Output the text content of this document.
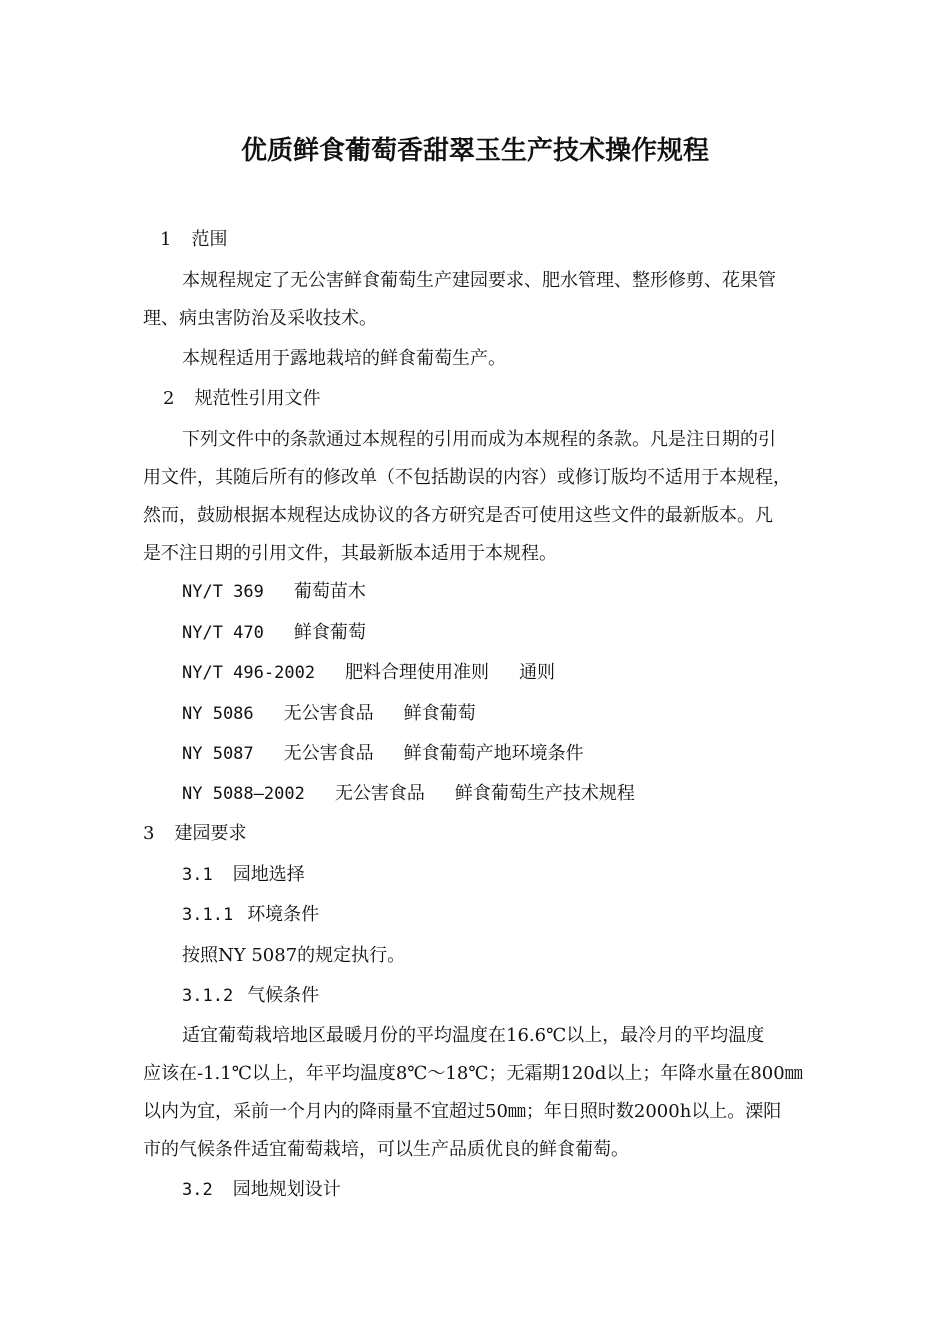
优质鲜食葡萄香甜翠玉生产技术操作规程
1 范围
本规程规定了无公害鲜食葡萄生产建园要求、肥水管理、整形修剪、花果管
理、病虫害防治及采收技术。
本规程适用于露地栽培的鲜食葡萄生产。
2 规范性引用文件
下列文件中的条款通过本规程的引用而成为本规程的条款。凡是注日期的引
用文件，其随后所有的修改单（不包括勘误的内容）或修订版均不适用于本规程，
然而，鼓励根据本规程达成协议的各方研究是否可使用这些文件的最新版本。凡
是不注日期的引用文件，其最新版本适用于本规程。
NY/T 369 葡萄苗木
NY/T 470 鲜食葡萄
NY/T 496-2002 肥料合理使用准则 通则
NY 5086 无公害食品 鲜食葡萄
NY 5087 无公害食品 鲜食葡萄产地环境条件
NY 5088—2002 无公害食品 鲜食葡萄生产技术规程
3 建园要求
3.1 园地选择
3.1.1 环境条件
按照NY 5087的规定执行。
3.1.2 气候条件
适宜葡萄栽培地区最暖月份的平均温度在16.6℃以上，最冷月的平均温度
应该在-1.1℃以上，年平均温度8℃～18℃；无霜期120d以上；年降水量在800㎜
以内为宜，采前一个月内的降雨量不宜超过50㎜；年日照时数2000h以上。溧阳
市的气候条件适宜葡萄栽培，可以生产品质优良的鲜食葡萄。
3.2 园地规划设计
